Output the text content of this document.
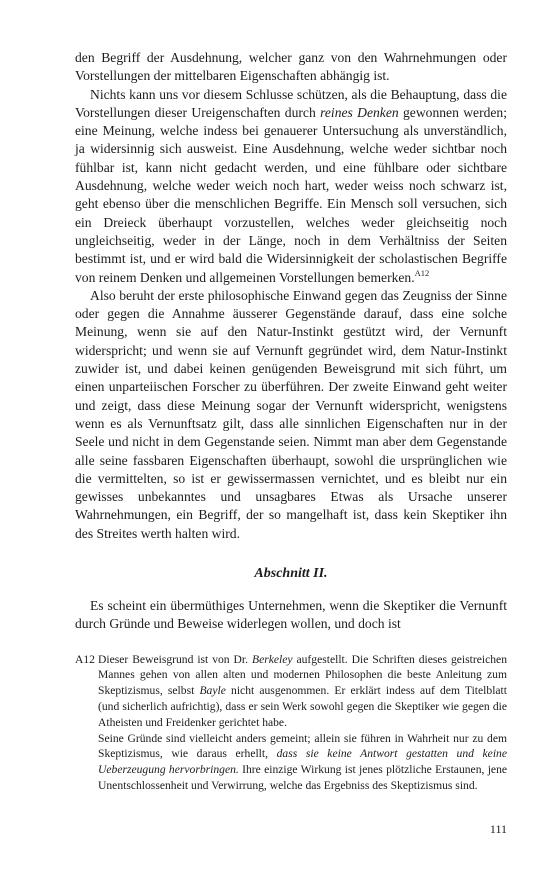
den Begriff der Ausdehnung, welcher ganz von den Wahrnehmungen oder Vorstellungen der mittelbaren Eigenschaften abhängig ist.

Nichts kann uns vor diesem Schlusse schützen, als die Behauptung, dass die Vorstellungen dieser Ureigenschaften durch reines Denken gewonnen werden; eine Meinung, welche indess bei genauerer Untersuchung als unverständlich, ja widersinnig sich ausweist. Eine Ausdehnung, welche weder sichtbar noch fühlbar ist, kann nicht gedacht werden, und eine fühlbare oder sichtbare Ausdehnung, welche weder weich noch hart, weder weiss noch schwarz ist, geht ebenso über die menschlichen Begriffe. Ein Mensch soll versuchen, sich ein Dreieck überhaupt vorzustellen, welches weder gleichseitig noch ungleichseitig, weder in der Länge, noch in dem Verhältniss der Seiten bestimmt ist, und er wird bald die Widersinnigkeit der scholastischen Begriffe von reinem Denken und allgemeinen Vorstellungen bemerken.$^{A12}$

Also beruht der erste philosophische Einwand gegen das Zeugniss der Sinne oder gegen die Annahme äusserer Gegenstände darauf, dass eine solche Meinung, wenn sie auf den Natur-Instinkt gestützt wird, der Vernunft widerspricht; und wenn sie auf Vernunft gegründet wird, dem Natur-Instinkt zuwider ist, und dabei keinen genügenden Beweisgrund mit sich führt, um einen unparteiischen Forscher zu überführen. Der zweite Einwand geht weiter und zeigt, dass diese Meinung sogar der Vernunft widerspricht, wenigstens wenn es als Vernunftsatz gilt, dass alle sinnlichen Eigenschaften nur in der Seele und nicht in dem Gegenstande seien. Nimmt man aber dem Gegenstande alle seine fassbaren Eigenschaften überhaupt, sowohl die ursprünglichen wie die vermittelten, so ist er gewissermassen vernichtet, und es bleibt nur ein gewisses unbekanntes und unsagbares Etwas als Ursache unserer Wahrnehmungen, ein Begriff, der so mangelhaft ist, dass kein Skeptiker ihn des Streites werth halten wird.

Abschnitt II.

Es scheint ein übermüthiges Unternehmen, wenn die Skeptiker die Vernunft durch Gründe und Beweise widerlegen wollen, und doch ist

A12 Dieser Beweisgrund ist von Dr. Berkeley aufgestellt. Die Schriften dieses geistreichen Mannes gehen von allen alten und modernen Philosophen die beste Anleitung zum Skeptizismus, selbst Bayle nicht ausgenommen. Er erklärt indess auf dem Titelblatt (und sicherlich aufrichtig), dass er sein Werk sowohl gegen die Skeptiker wie gegen die Atheisten und Freidenker gerichtet habe.

Seine Gründe sind vielleicht anders gemeint; allein sie führen in Wahrheit nur zu dem Skeptizismus, wie daraus erhellt, dass sie keine Antwort gestatten und keine Ueberzeugung hervorbringen. Ihre einzige Wirkung ist jenes plötzliche Erstaunen, jene Unentschlossenheit und Verwirrung, welche das Ergebniss des Skeptizismus sind.

111
